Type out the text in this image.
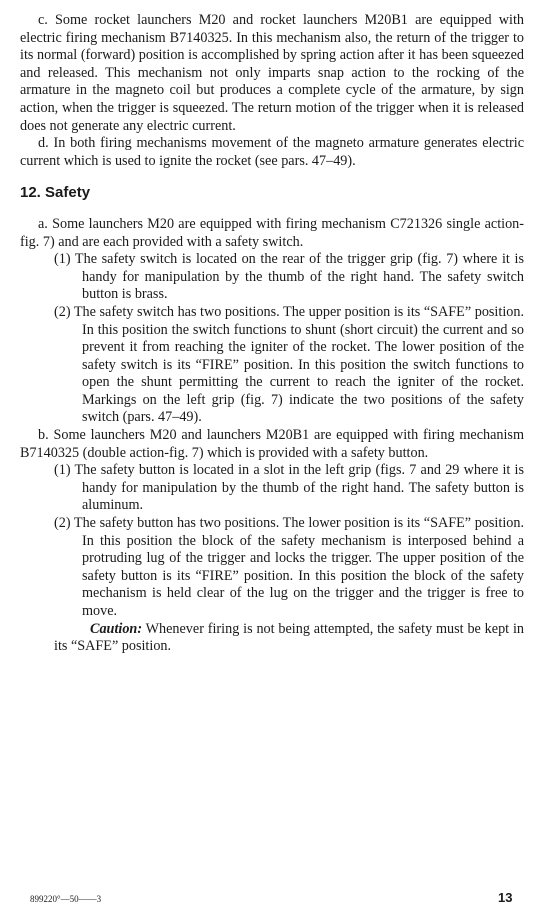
c. Some rocket launchers M20 and rocket launchers M20B1 are equipped with electric firing mechanism B7140325. In this mechanism also, the return of the trigger to its normal (forward) position is accomplished by spring action after it has been squeezed and released. This mechanism not only imparts snap action to the rocking of the armature in the magneto coil but produces a complete cycle of the armature, by sign action, when the trigger is squeezed. The return motion of the trigger when it is released does not generate any electric current.

d. In both firing mechanisms movement of the magneto armature generates electric current which is used to ignite the rocket (see pars. 47–49).

12. Safety

a. Some launchers M20 are equipped with firing mechanism C721326 single action-fig. 7) and are each provided with a safety switch.

(1) The safety switch is located on the rear of the trigger grip (fig. 7) where it is handy for manipulation by the thumb of the right hand. The safety switch button is brass.

(2) The safety switch has two positions. The upper position is its “SAFE” position. In this position the switch functions to shunt (short circuit) the current and so prevent it from reaching the igniter of the rocket. The lower position of the safety switch is its “FIRE” position. In this position the switch functions to open the shunt permitting the current to reach the igniter of the rocket. Markings on the left grip (fig. 7) indicate the two positions of the safety switch (pars. 47–49).

b. Some launchers M20 and launchers M20B1 are equipped with firing mechanism B7140325 (double action-fig. 7) which is provided with a safety button.

(1) The safety button is located in a slot in the left grip (figs. 7 and 29 where it is handy for manipulation by the thumb of the right hand. The safety button is aluminum.

(2) The safety button has two positions. The lower position is its “SAFE” position. In this position the block of the safety mechanism is interposed behind a protruding lug of the trigger and locks the trigger. The upper position of the safety button is its “FIRE” position. In this position the block of the safety mechanism is held clear of the lug on the trigger and the trigger is free to move.

Caution: Whenever firing is not being attempted, the safety must be kept in its “SAFE” position.

899220°—50——3	13
